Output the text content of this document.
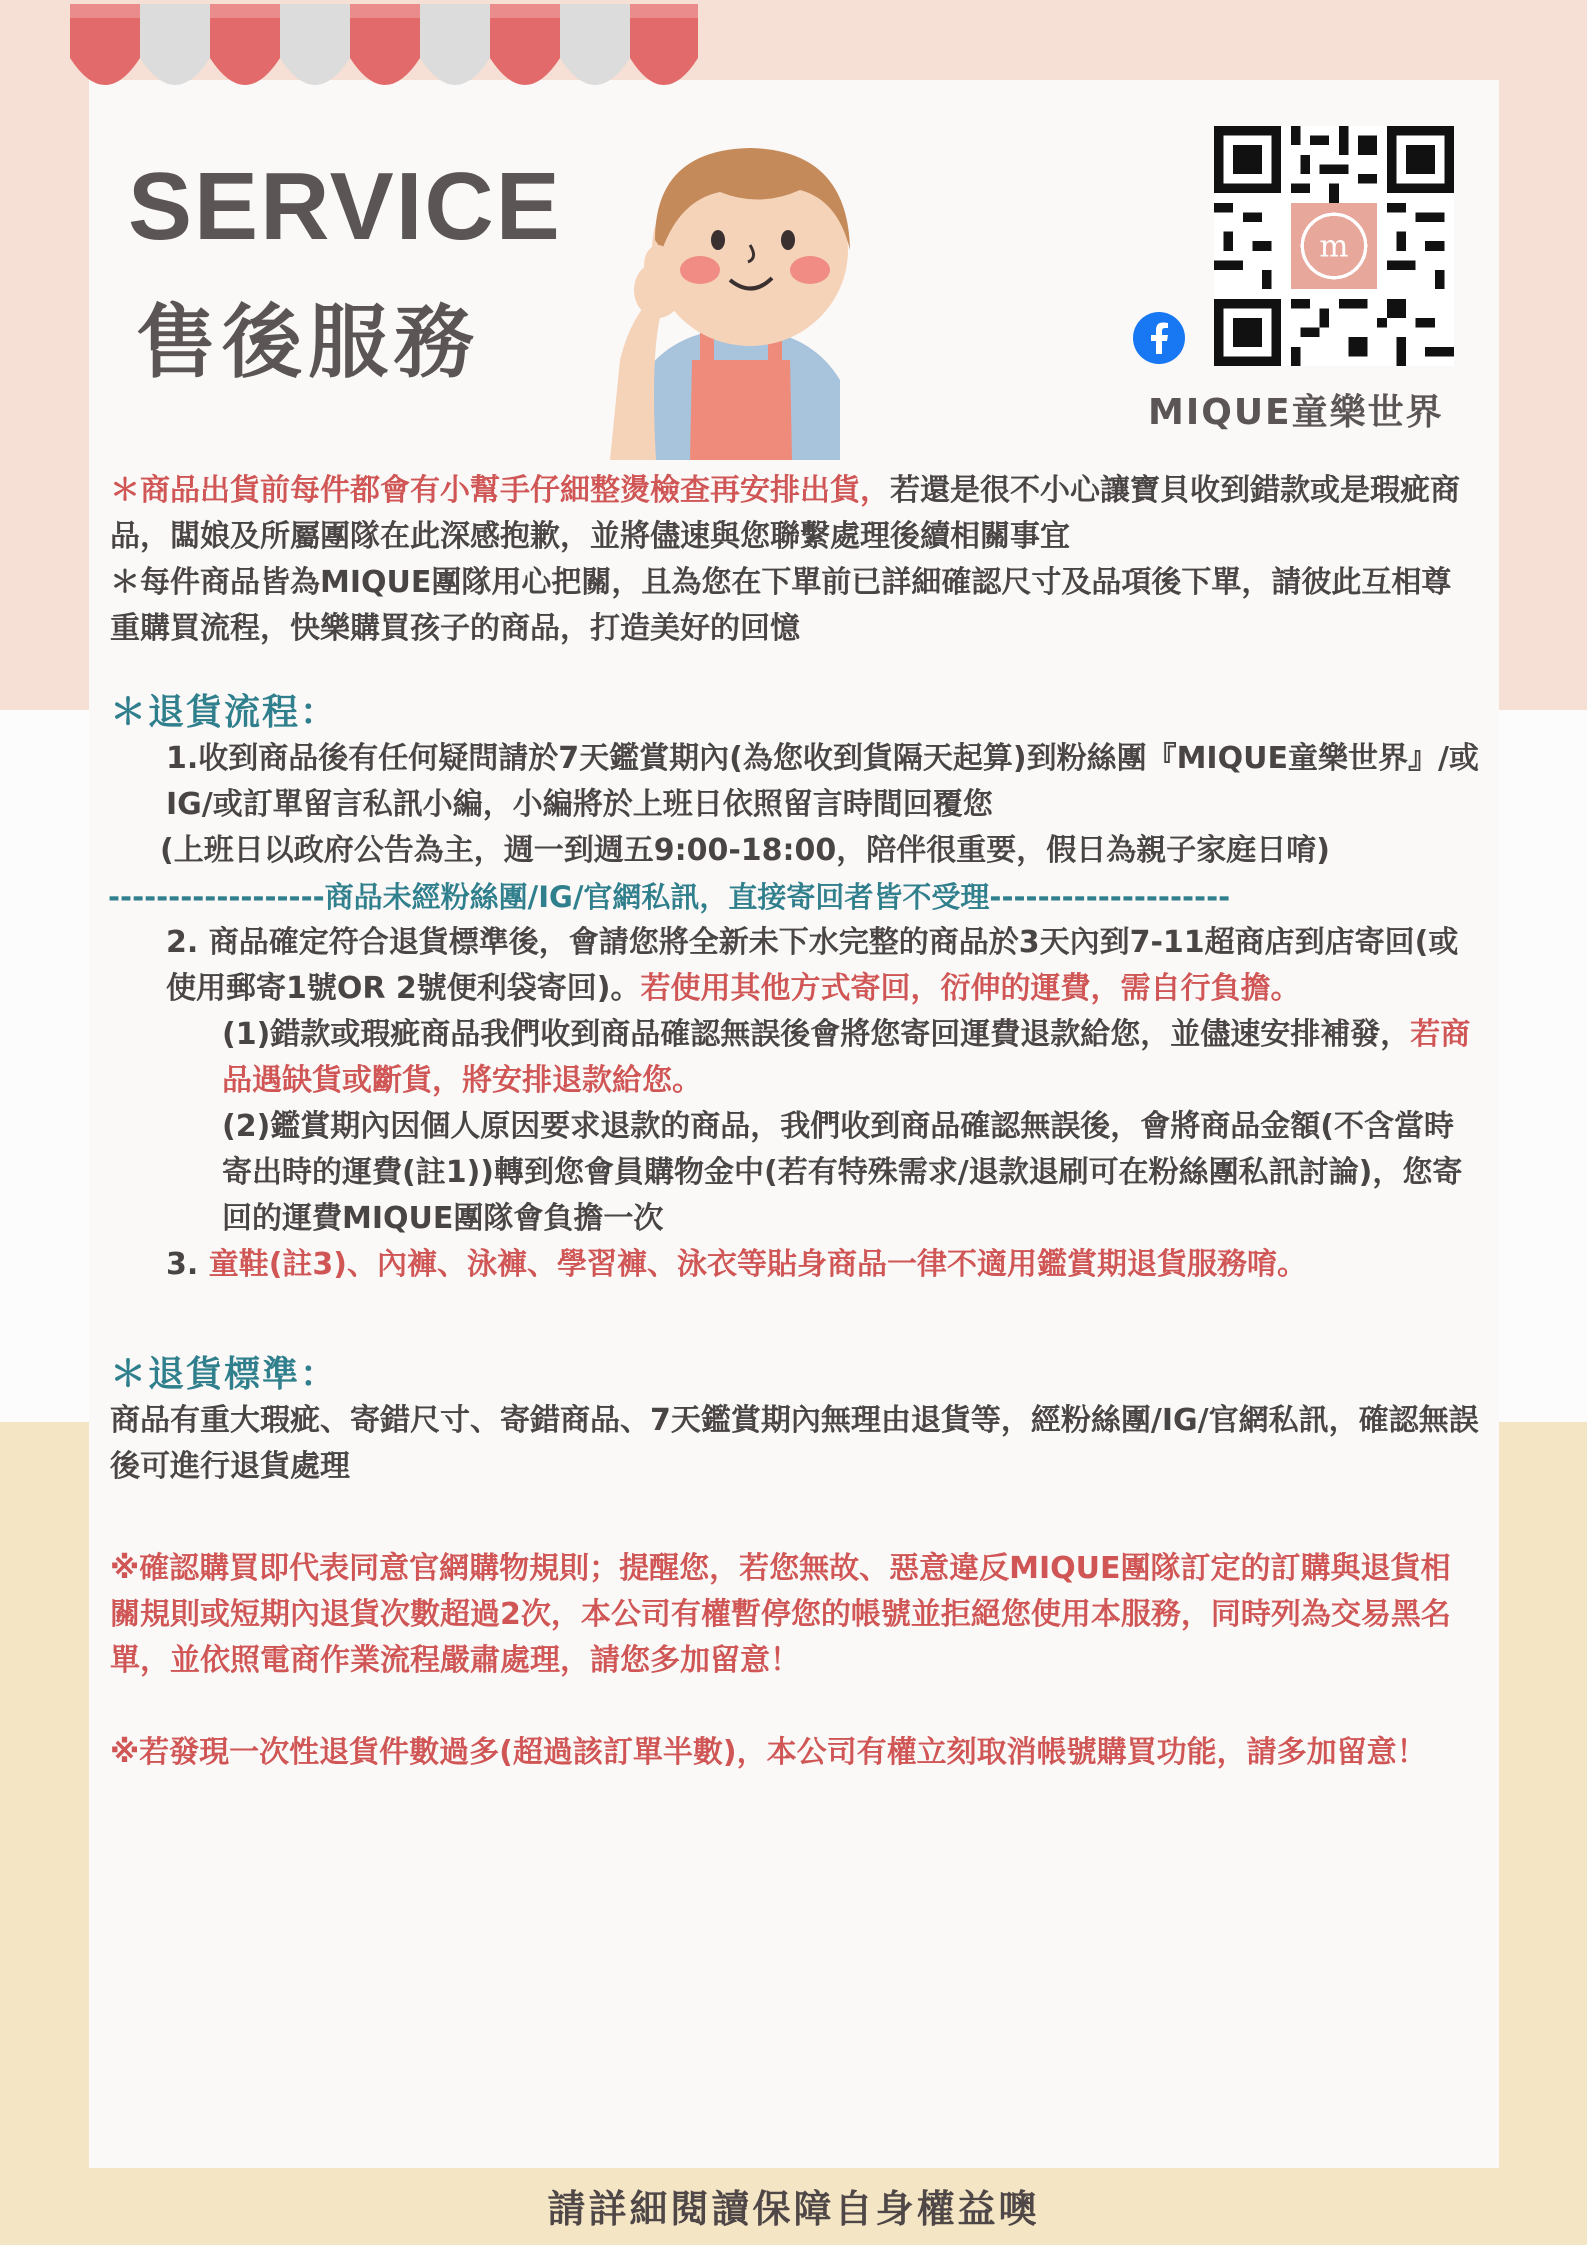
SERVICE
售後服務
m
MIQUE童樂世界

＊商品出貨前每件都會有小幫手仔細整燙檢查再安排出貨，若還是很不小心讓寶貝收到錯款或是瑕疵商品，闆娘及所屬團隊在此深感抱歉，並將儘速與您聯繫處理後續相關事宜

＊每件商品皆為MIQUE團隊用心把關，且為您在下單前已詳細確認尺寸及品項後下單，請彼此互相尊重購買流程，快樂購買孩子的商品，打造美好的回憶

＊退貨流程：

1.收到商品後有任何疑問請於7天鑑賞期內(為您收到貨隔天起算)到粉絲團『MIQUE童樂世界』/或IG/或訂單留言私訊小編，小編將於上班日依照留言時間回覆您

(上班日以政府公告為主，週一到週五9:00-18:00，陪伴很重要，假日為親子家庭日唷)

------------------商品未經粉絲團/IG/官網私訊，直接寄回者皆不受理--------------------

2. 商品確定符合退貨標準後，會請您將全新未下水完整的商品於3天內到7-11超商店到店寄回(或使用郵寄1號OR 2號便利袋寄回)。若使用其他方式寄回，衍伸的運費，需自行負擔。

(1)錯款或瑕疵商品我們收到商品確認無誤後會將您寄回運費退款給您，並儘速安排補發，若商品遇缺貨或斷貨，將安排退款給您。

(2)鑑賞期內因個人原因要求退款的商品，我們收到商品確認無誤後，會將商品金額(不含當時寄出時的運費(註1))轉到您會員購物金中(若有特殊需求/退款退刷可在粉絲團私訊討論)，您寄回的運費MIQUE團隊會負擔一次

3. 童鞋(註3)、內褲、泳褲、學習褲、泳衣等貼身商品一律不適用鑑賞期退貨服務唷。

＊退貨標準：

商品有重大瑕疵、寄錯尺寸、寄錯商品、7天鑑賞期內無理由退貨等，經粉絲團/IG/官網私訊，確認無誤後可進行退貨處理

※確認購買即代表同意官網購物規則；提醒您，若您無故、惡意違反MIQUE團隊訂定的訂購與退貨相關規則或短期內退貨次數超過2次，本公司有權暫停您的帳號並拒絕您使用本服務，同時列為交易黑名單，並依照電商作業流程嚴肅處理，請您多加留意！

※若發現一次性退貨件數過多(超過該訂單半數)，本公司有權立刻取消帳號購買功能，請多加留意！

請詳細閱讀保障自身權益噢
